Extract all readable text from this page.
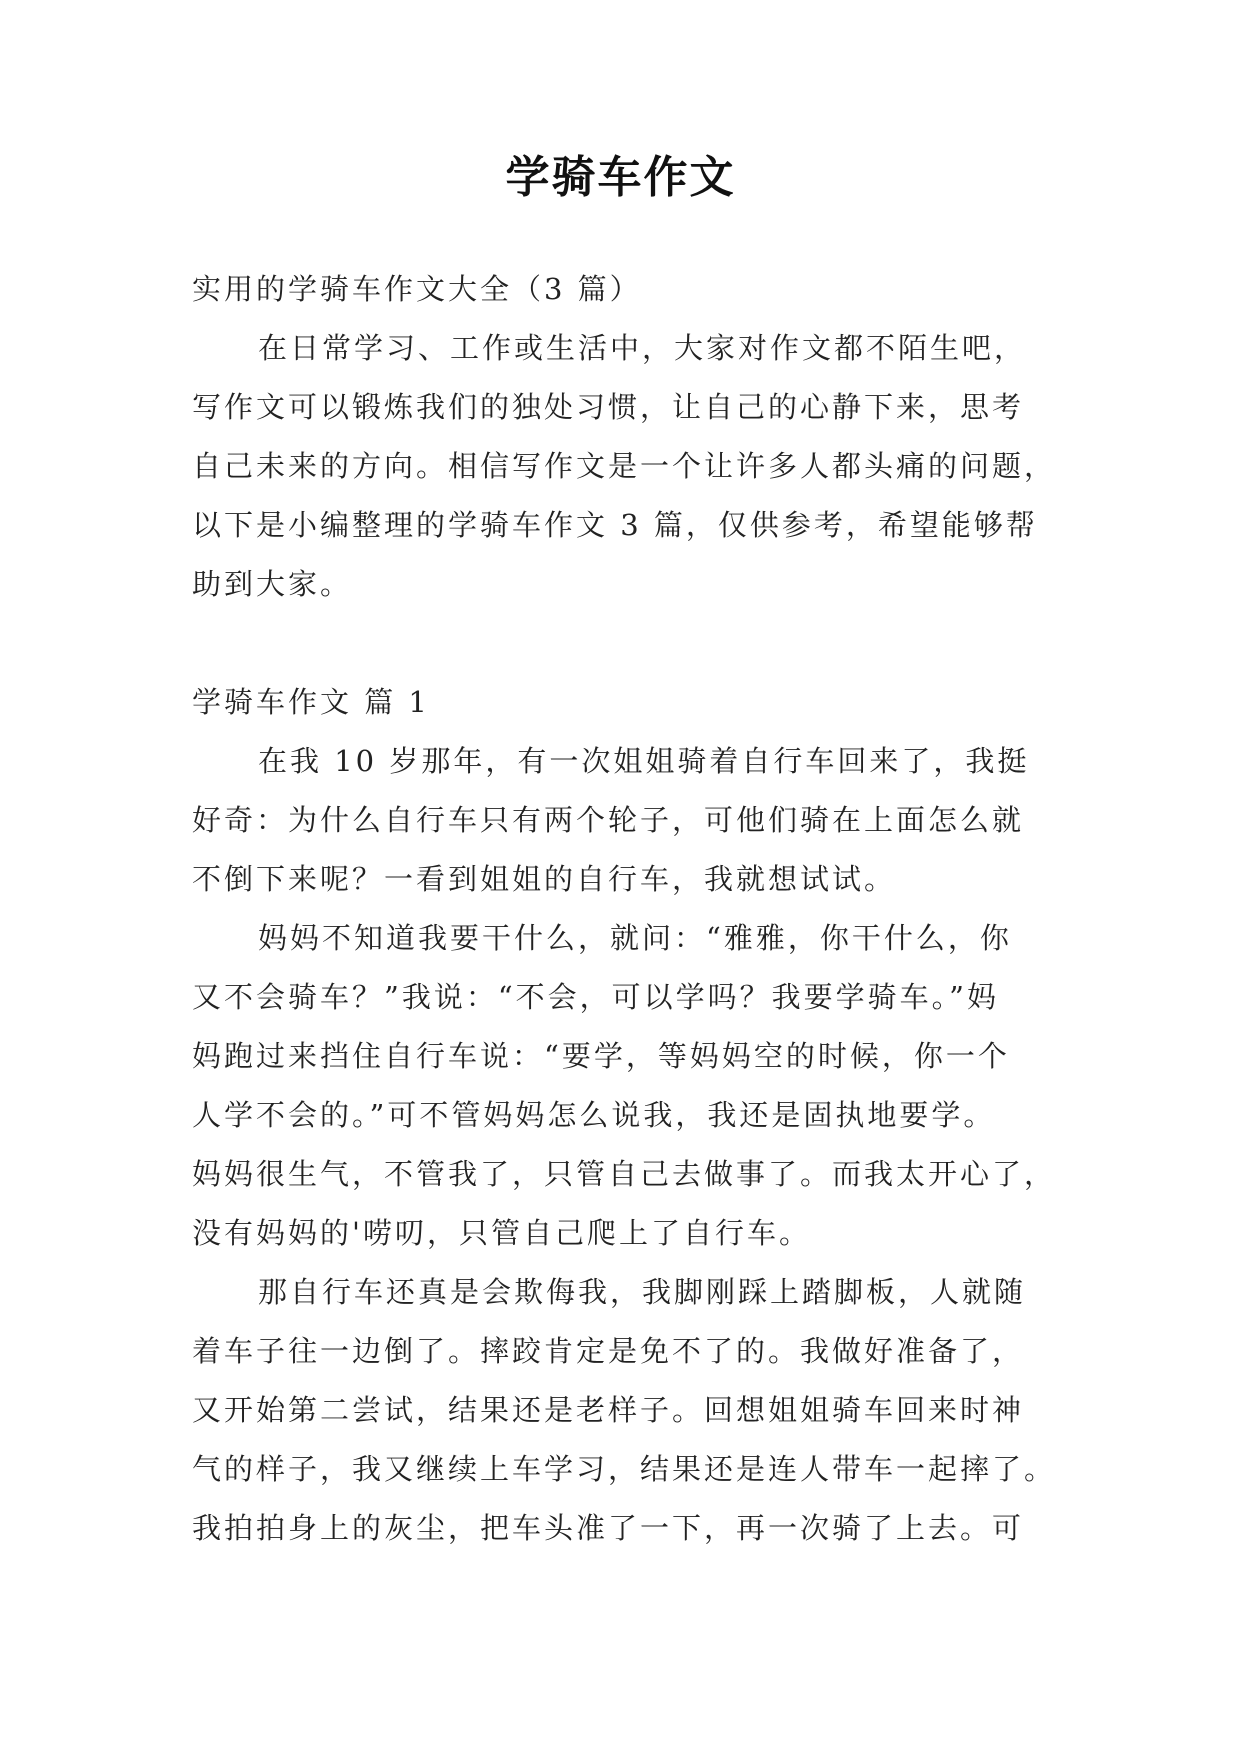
学骑车作文
实用的学骑车作文大全（3 篇）
在日常学习、工作或生活中，大家对作文都不陌生吧，
写作文可以锻炼我们的独处习惯，让自己的心静下来，思考
自己未来的方向。相信写作文是一个让许多人都头痛的问题，
以下是小编整理的学骑车作文 3 篇，仅供参考，希望能够帮
助到大家。
学骑车作文 篇 1
在我 10 岁那年，有一次姐姐骑着自行车回来了，我挺
好奇：为什么自行车只有两个轮子，可他们骑在上面怎么就
不倒下来呢？一看到姐姐的自行车，我就想试试。
妈妈不知道我要干什么，就问：“雅雅，你干什么，你
又不会骑车？”我说：“不会，可以学吗？我要学骑车。”妈
妈跑过来挡住自行车说：“要学，等妈妈空的时候，你一个
人学不会的。”可不管妈妈怎么说我，我还是固执地要学。
妈妈很生气，不管我了，只管自己去做事了。而我太开心了，
没有妈妈的'唠叨，只管自己爬上了自行车。
那自行车还真是会欺侮我，我脚刚踩上踏脚板，人就随
着车子往一边倒了。摔跤肯定是免不了的。我做好准备了，
又开始第二尝试，结果还是老样子。回想姐姐骑车回来时神
气的样子，我又继续上车学习，结果还是连人带车一起摔了。
我拍拍身上的灰尘，把车头准了一下，再一次骑了上去。可
